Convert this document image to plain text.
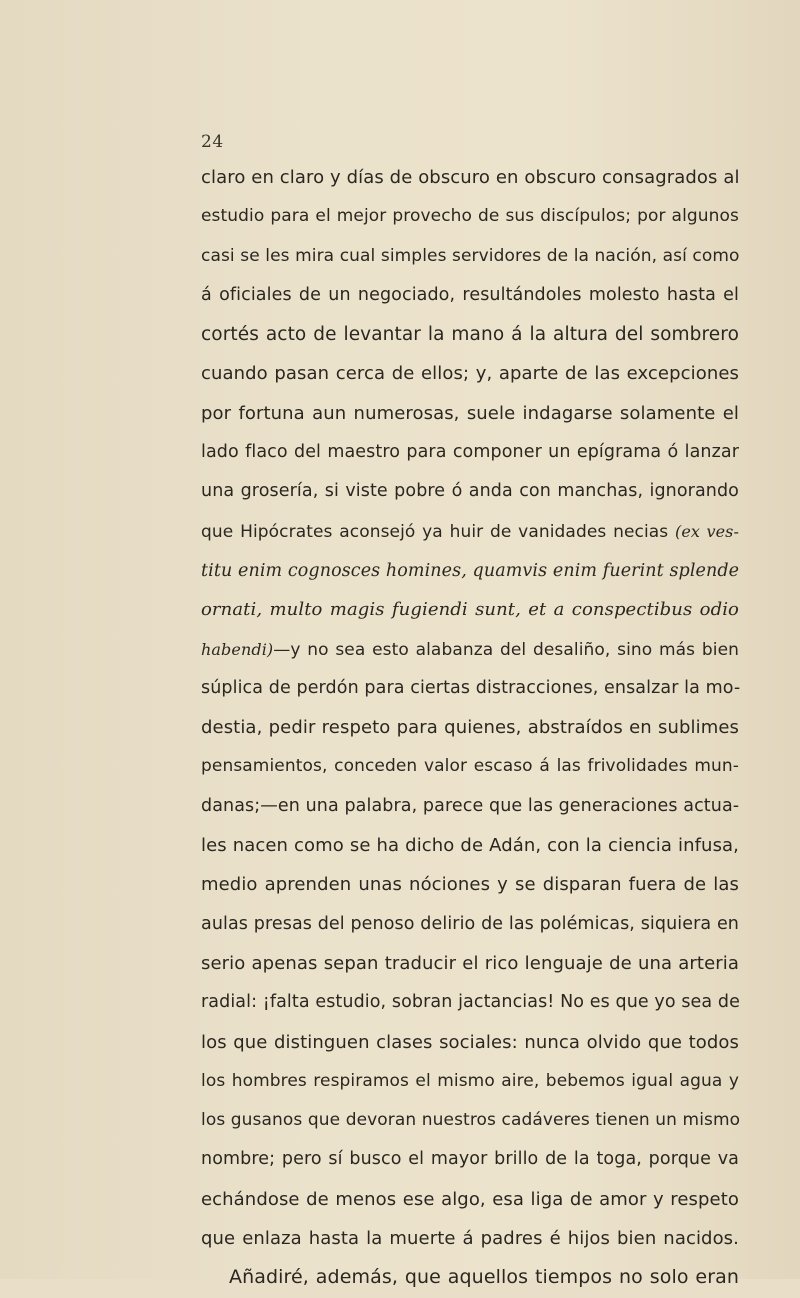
24
claro en claro y días de obscuro en obscuro consagrados al
estudio para el mejor provecho de sus discípulos; por algunos
casi se les mira cual simples servidores de la nación, así como
á oficiales de un negociado, resultándoles molesto hasta el
cortés acto de levantar la mano á la altura del sombrero
cuando pasan cerca de ellos; y, aparte de las excepciones
por fortuna aun numerosas, suele indagarse solamente el
lado flaco del maestro para componer un epígrama ó lanzar
una grosería, si viste pobre ó anda con manchas, ignorando
que Hipócrates aconsejó ya huir de vanidades necias (ex ves-
titu enim cognosces homines, quamvis enim fuerint splende
ornati, multo magis fugiendi sunt, et a conspectibus odio
habendi)—y no sea esto alabanza del desaliño, sino más bien
súplica de perdón para ciertas distracciones, ensalzar la mo-
destia, pedir respeto para quienes, abstraídos en sublimes
pensamientos, conceden valor escaso á las frivolidades mun-
danas;—en una palabra, parece que las generaciones actua-
les nacen como se ha dicho de Adán, con la ciencia infusa,
medio aprenden unas nóciones y se disparan fuera de las
aulas presas del penoso delirio de las polémicas, siquiera en
serio apenas sepan traducir el rico lenguaje de una arteria
radial: ¡falta estudio, sobran jactancias! No es que yo sea de
los que distinguen clases sociales: nunca olvido que todos
los hombres respiramos el mismo aire, bebemos igual agua y
los gusanos que devoran nuestros cadáveres tienen un mismo
nombre; pero sí busco el mayor brillo de la toga, porque va
echándose de menos ese algo, esa liga de amor y respeto
que enlaza hasta la muerte á padres é hijos bien nacidos.
Añadiré, además, que aquellos tiempos no solo eran
